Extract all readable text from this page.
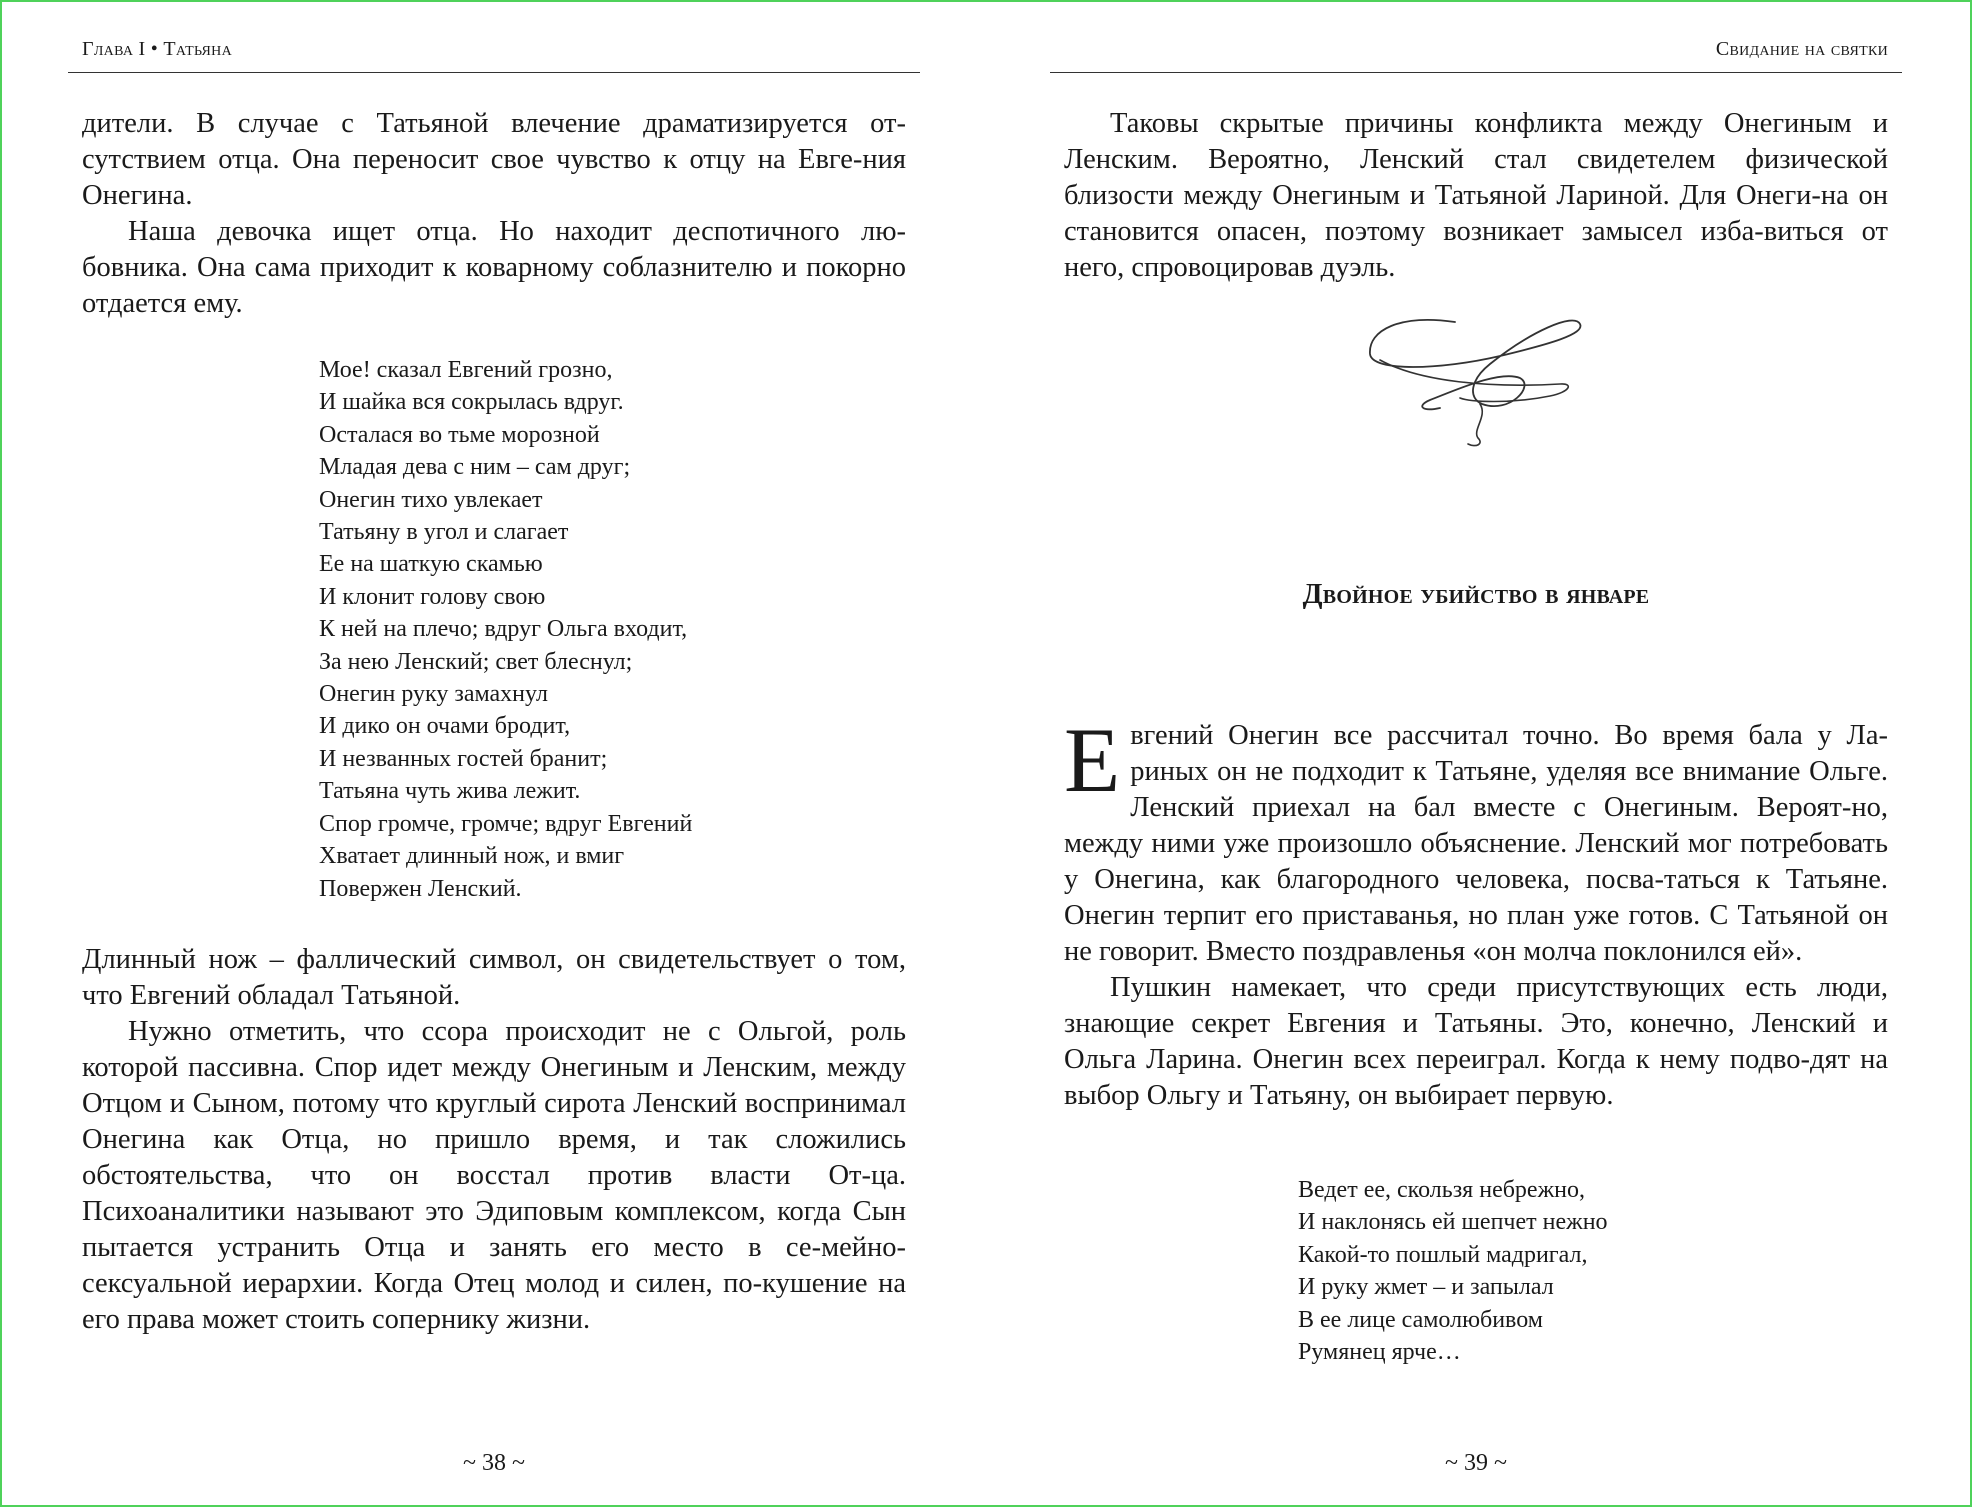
Глава I • Татьяна

дители. В случае с Татьяной влечение драматизируется от-сутствием отца. Она переносит свое чувство к отцу на Евге-ния Онегина.

Наша девочка ищет отца. Но находит деспотичного лю-бовника. Она сама приходит к коварному соблазнителю и покорно отдается ему.

Мое! сказал Евгений грозно,
И шайка вся сокрылась вдруг.
Осталася во тьме морозной
Младая дева с ним – сам друг;
Онегин тихо увлекает
Татьяну в угол и слагает
Ее на шаткую скамью
И клонит голову свою
К ней на плечо; вдруг Ольга входит,
За нею Ленский; свет блеснул;
Онегин руку замахнул
И дико он очами бродит,
И незванных гостей бранит;
Татьяна чуть жива лежит.
Спор громче, громче; вдруг Евгений
Хватает длинный нож, и вмиг
Повержен Ленский.

Длинный нож – фаллический символ, он свидетельствует о том, что Евгений обладал Татьяной.

Нужно отметить, что ссора происходит не с Ольгой, роль которой пассивна. Спор идет между Онегиным и Ленским, между Отцом и Сыном, потому что круглый сирота Ленский воспринимал Онегина как Отца, но пришло время, и так сложились обстоятельства, что он восстал против власти От-ца. Психоаналитики называют это Эдиповым комплексом, когда Сын пытается устранить Отца и занять его место в се-мейно-сексуальной иерархии. Когда Отец молод и силен, по-кушение на его права может стоить сопернику жизни.

~ 38 ~
Свидание на святки

Таковы скрытые причины конфликта между Онегиным и Ленским. Вероятно, Ленский стал свидетелем физической близости между Онегиным и Татьяной Лариной. Для Онеги-на он становится опасен, поэтому возникает замысел изба-виться от него, спровоцировав дуэль.

Двойное убийство в январе

Евгений Онегин все рассчитал точно. Во время бала у Ла-риных он не подходит к Татьяне, уделяя все внимание Ольге. Ленский приехал на бал вместе с Онегиным. Вероят-но, между ними уже произошло объяснение. Ленский мог потребовать у Онегина, как благородного человека, посва-таться к Татьяне. Онегин терпит его приставанья, но план уже готов. С Татьяной он не говорит. Вместо поздравленья «он молча поклонился ей».

Пушкин намекает, что среди присутствующих есть люди, знающие секрет Евгения и Татьяны. Это, конечно, Ленский и Ольга Ларина. Онегин всех переиграл. Когда к нему подво-дят на выбор Ольгу и Татьяну, он выбирает первую.

Ведет ее, скользя небрежно,
И наклонясь ей шепчет нежно
Какой-то пошлый мадригал,
И руку жмет – и запылал
В ее лице самолюбивом
Румянец ярче…
~ 39 ~
